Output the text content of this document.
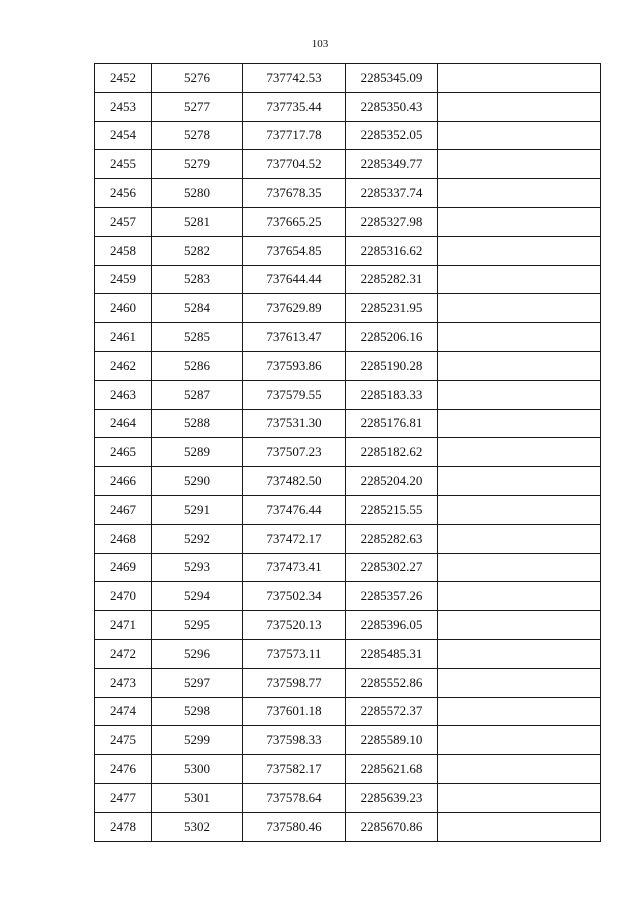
103
2452	5276	737742.53	2285345.09	
2453	5277	737735.44	2285350.43	
2454	5278	737717.78	2285352.05	
2455	5279	737704.52	2285349.77	
2456	5280	737678.35	2285337.74	
2457	5281	737665.25	2285327.98	
2458	5282	737654.85	2285316.62	
2459	5283	737644.44	2285282.31	
2460	5284	737629.89	2285231.95	
2461	5285	737613.47	2285206.16	
2462	5286	737593.86	2285190.28	
2463	5287	737579.55	2285183.33	
2464	5288	737531.30	2285176.81	
2465	5289	737507.23	2285182.62	
2466	5290	737482.50	2285204.20	
2467	5291	737476.44	2285215.55	
2468	5292	737472.17	2285282.63	
2469	5293	737473.41	2285302.27	
2470	5294	737502.34	2285357.26	
2471	5295	737520.13	2285396.05	
2472	5296	737573.11	2285485.31	
2473	5297	737598.77	2285552.86	
2474	5298	737601.18	2285572.37	
2475	5299	737598.33	2285589.10	
2476	5300	737582.17	2285621.68	
2477	5301	737578.64	2285639.23	
2478	5302	737580.46	2285670.86	
